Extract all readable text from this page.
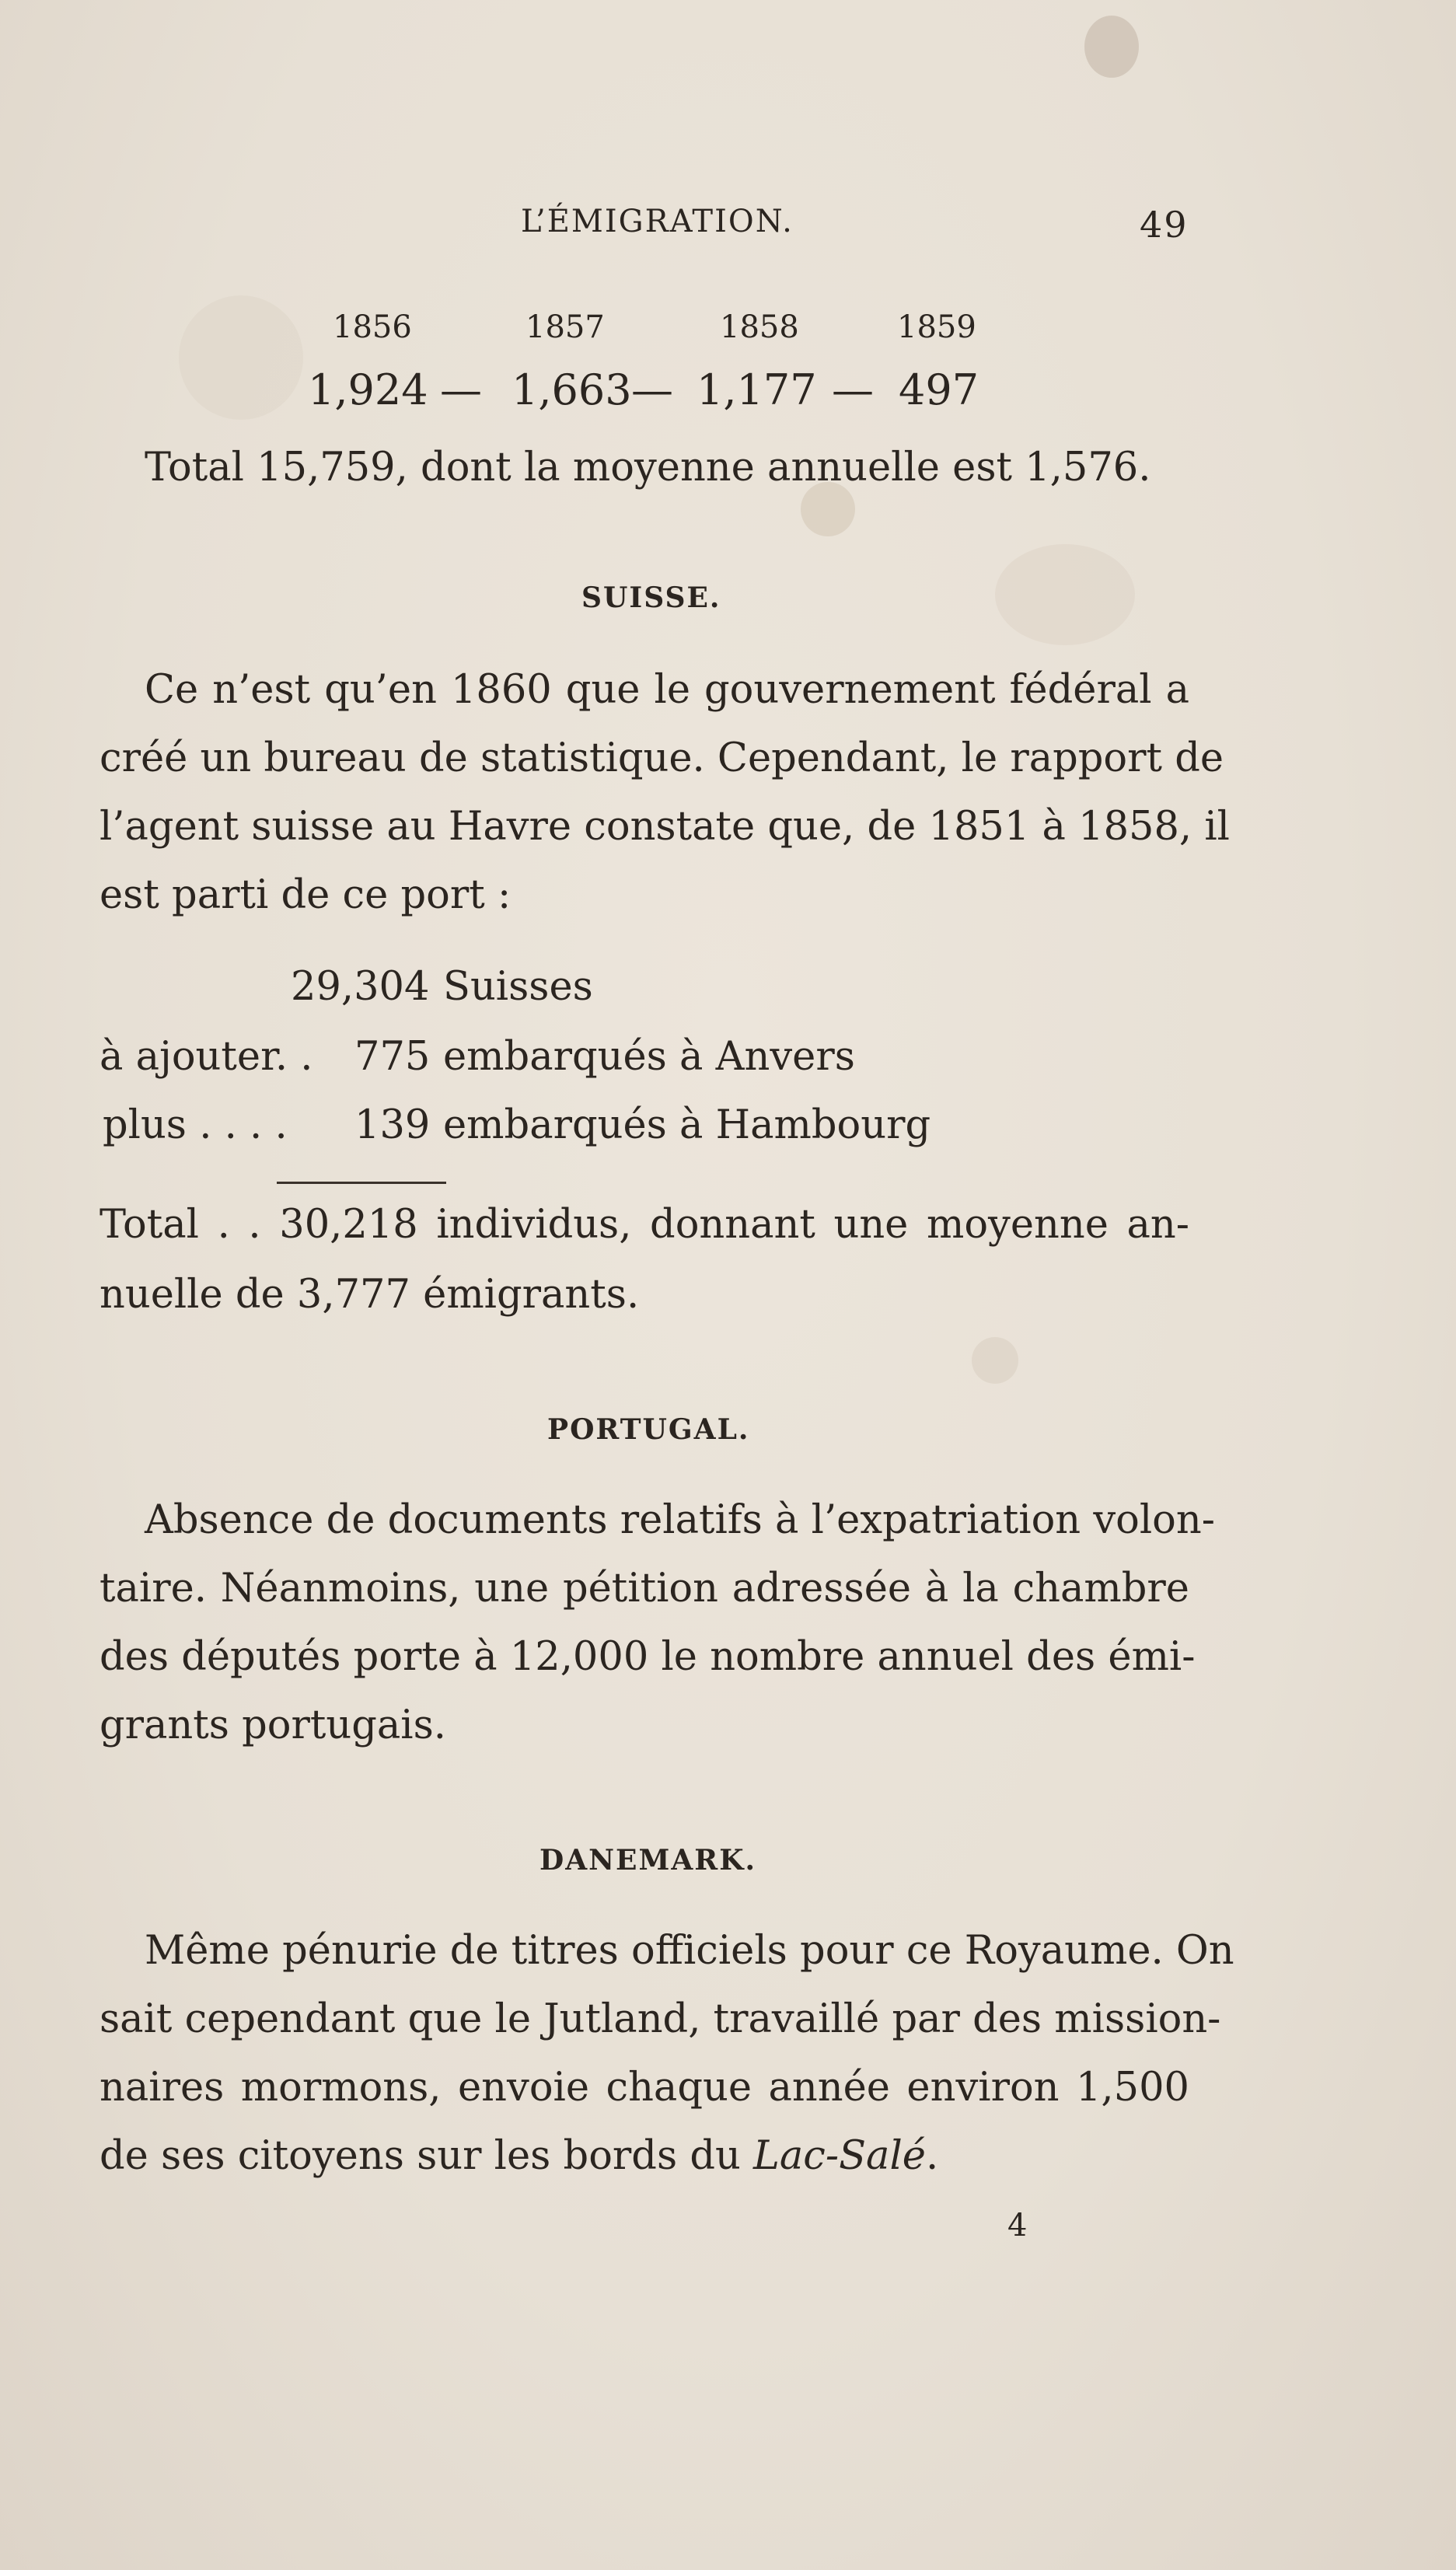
L’ÉMIGRATION.	49
1856	1857	1858	1859
1,924 — 1,663 — 1,177 — 497
Total 15,759, dont la moyenne annuelle est 1,576.
SUISSE.
Ce n’est qu’en 1860 que le gouvernement fédéral a
créé un bureau de statistique. Cependant, le rapport de
l’agent suisse au Havre constate que, de 1851 à 1858, il
est parti de ce port :
29,304 Suisses
à ajouter. . 775 embarqués à Anvers
plus . . . . 139 embarqués à Hambourg
Total . . 30,218 individus, donnant une moyenne an-
nuelle de 3,777 émigrants.
PORTUGAL.
Absence de documents relatifs à l’expatriation volon-
taire. Néanmoins, une pétition adressée à la chambre
des députés porte à 12,000 le nombre annuel des émi-
grants portugais.
DANEMARK.
Même pénurie de titres officiels pour ce Royaume. On
sait cependant que le Jutland, travaillé par des mission-
naires mormons, envoie chaque année environ 1,500
de ses citoyens sur les bords du Lac-Salé.
4
